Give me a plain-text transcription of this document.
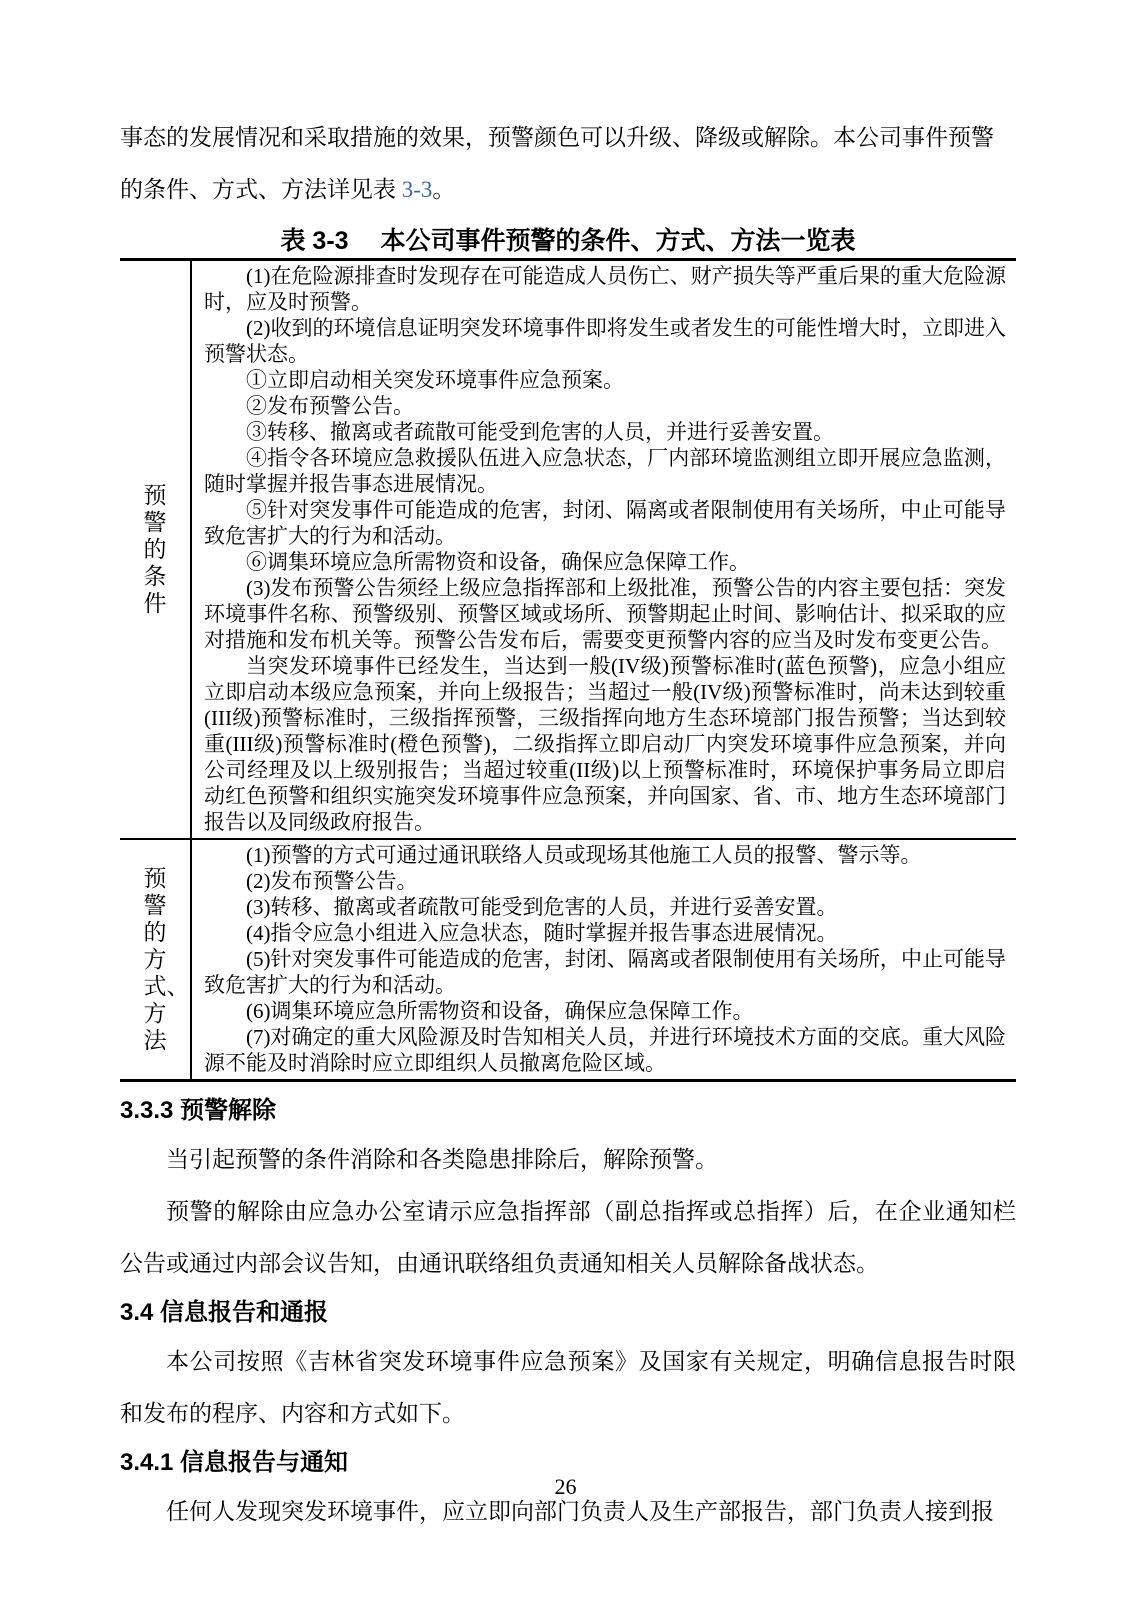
事态的发展情况和采取措施的效果，预警颜色可以升级、降级或解除。本公司事件预警
的条件、方式、方法详见表 3-3。

表 3-3　 本公司事件预警的条件、方式、方法一览表
预警的条件

(1)在危险源排查时发现存在可能造成人员伤亡、财产损失等严重后果的重大危险源时，应及时预警。

(2)收到的环境信息证明突发环境事件即将发生或者发生的可能性增大时，立即进入预警状态。

①立即启动相关突发环境事件应急预案。

②发布预警公告。

③转移、撤离或者疏散可能受到危害的人员，并进行妥善安置。

④指令各环境应急救援队伍进入应急状态，厂内部环境监测组立即开展应急监测，随时掌握并报告事态进展情况。

⑤针对突发事件可能造成的危害，封闭、隔离或者限制使用有关场所，中止可能导致危害扩大的行为和活动。

⑥调集环境应急所需物资和设备，确保应急保障工作。

(3)发布预警公告须经上级应急指挥部和上级批准，预警公告的内容主要包括：突发环境事件名称、预警级别、预警区域或场所、预警期起止时间、影响估计、拟采取的应对措施和发布机关等。预警公告发布后，需要变更预警内容的应当及时发布变更公告。

当突发环境事件已经发生，当达到一般(IV级)预警标准时(蓝色预警)，应急小组应立即启动本级应急预案，并向上级报告；当超过一般(IV级)预警标准时，尚未达到较重(III级)预警标准时，三级指挥预警，三级指挥向地方生态环境部门报告预警；当达到较重(III级)预警标准时(橙色预警)，二级指挥立即启动厂内突发环境事件应急预案，并向公司经理及以上级别报告；当超过较重(II级)以上预警标准时，环境保护事务局立即启动红色预警和组织实施突发环境事件应急预案，并向国家、省、市、地方生态环境部门报告以及同级政府报告。

预警的方式、方法

(1)预警的方式可通过通讯联络人员或现场其他施工人员的报警、警示等。

(2)发布预警公告。

(3)转移、撤离或者疏散可能受到危害的人员，并进行妥善安置。

(4)指令应急小组进入应急状态，随时掌握并报告事态进展情况。

(5)针对突发事件可能造成的危害，封闭、隔离或者限制使用有关场所，中止可能导致危害扩大的行为和活动。

(6)调集环境应急所需物资和设备，确保应急保障工作。

(7)对确定的重大风险源及时告知相关人员，并进行环境技术方面的交底。重大风险源不能及时消除时应立即组织人员撤离危险区域。

3.3.3 预警解除

当引起预警的条件消除和各类隐患排除后，解除预警。

预警的解除由应急办公室请示应急指挥部（副总指挥或总指挥）后，在企业通知栏公告或通过内部会议告知，由通讯联络组负责通知相关人员解除备战状态。

3.4 信息报告和通报

本公司按照《吉林省突发环境事件应急预案》及国家有关规定，明确信息报告时限和发布的程序、内容和方式如下。

3.4.1 信息报告与通知

任何人发现突发环境事件，应立即向部门负责人及生产部报告，部门负责人接到报

26
